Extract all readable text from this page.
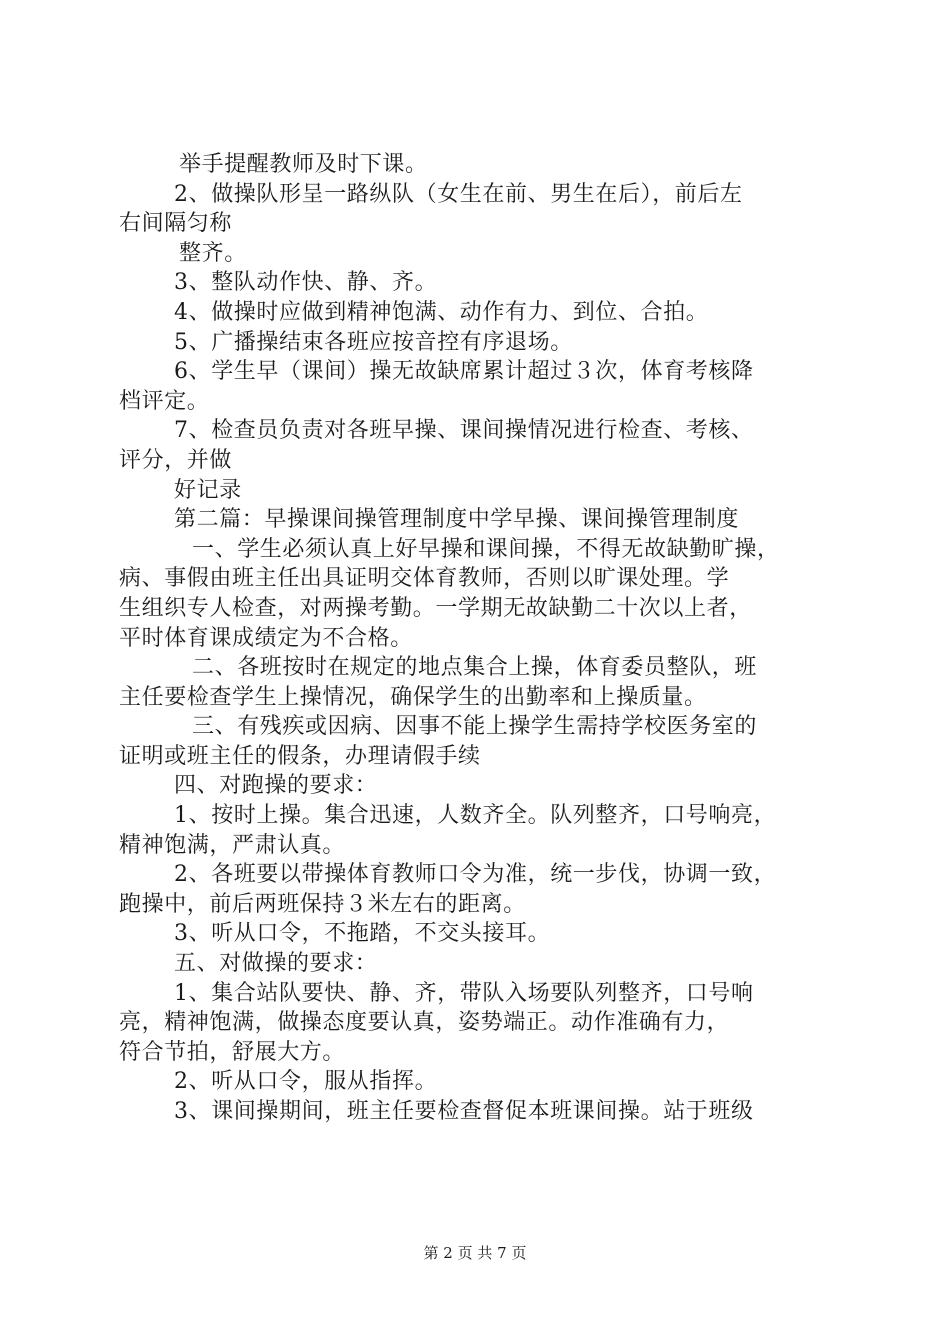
举手提醒教师及时下课。
2、做操队形呈一路纵队（女生在前、男生在后），前后左
右间隔匀称
整齐。
3、整队动作快、静、齐。
4、做操时应做到精神饱满、动作有力、到位、合拍。
5、广播操结束各班应按音控有序退场。
6、学生早（课间）操无故缺席累计超过３次，体育考核降
档评定。
7、检查员负责对各班早操、课间操情况进行检查、考核、
评分，并做
好记录
第二篇：早操课间操管理制度中学早操、课间操管理制度
一、学生必须认真上好早操和课间操，不得无故缺勤旷操，
病、事假由班主任出具证明交体育教师，否则以旷课处理。学
生组织专人检查，对两操考勤。一学期无故缺勤二十次以上者，
平时体育课成绩定为不合格。
二、各班按时在规定的地点集合上操，体育委员整队，班
主任要检查学生上操情况，确保学生的出勤率和上操质量。
三、有残疾或因病、因事不能上操学生需持学校医务室的
证明或班主任的假条，办理请假手续
四、对跑操的要求：
1、按时上操。集合迅速，人数齐全。队列整齐，口号响亮，
精神饱满，严肃认真。
2、各班要以带操体育教师口令为准，统一步伐，协调一致，
跑操中，前后两班保持３米左右的距离。
3、听从口令，不拖踏，不交头接耳。
五、对做操的要求：
1、集合站队要快、静、齐，带队入场要队列整齐，口号响
亮，精神饱满，做操态度要认真，姿势端正。动作准确有力，
符合节拍，舒展大方。
2、听从口令，服从指挥。
3、课间操期间，班主任要检查督促本班课间操。站于班级
第 2 页 共 7 页
